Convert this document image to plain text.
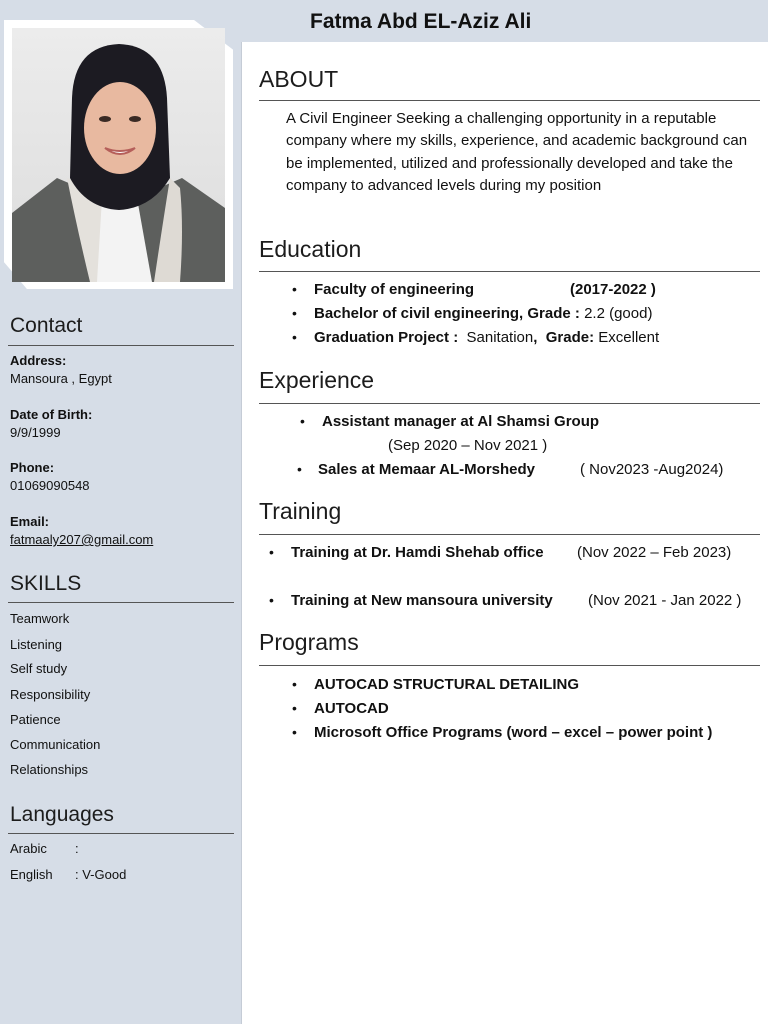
Fatma Abd EL-Aziz Ali
Contact
Address:
Mansoura , Egypt
Date of Birth:
9/9/1999
Phone:
01069090548
Email:
fatmaaly207@gmail.com
SKILLS
Teamwork
Listening
Self study
Responsibility
Patience
Communication
Relationships
Languages
Arabic :
English : V-Good
ABOUT
A Civil Engineer Seeking a challenging opportunity in a reputable company where my skills, experience, and academic background can be implemented, utilized and professionally developed and take the company to advanced levels during my position
Education
• Faculty of engineering	(2017-2022 )
• Bachelor of civil engineering, Grade : 2.2 (good)
• Graduation Project :  Sanitation,  Grade: Excellent
Experience
• Assistant manager at Al Shamsi Group
(Sep 2020 – Nov 2021 )
• Sales at Memaar AL-Morshedy	( Nov2023 -Aug2024)
Training
• Training at Dr. Hamdi Shehab office (Nov 2022 – Feb 2023)
• Training at New mansoura university (Nov 2021 - Jan 2022 )
Programs
• AUTOCAD STRUCTURAL DETAILING
• AUTOCAD
• Microsoft Office Programs (word – excel – power point )
